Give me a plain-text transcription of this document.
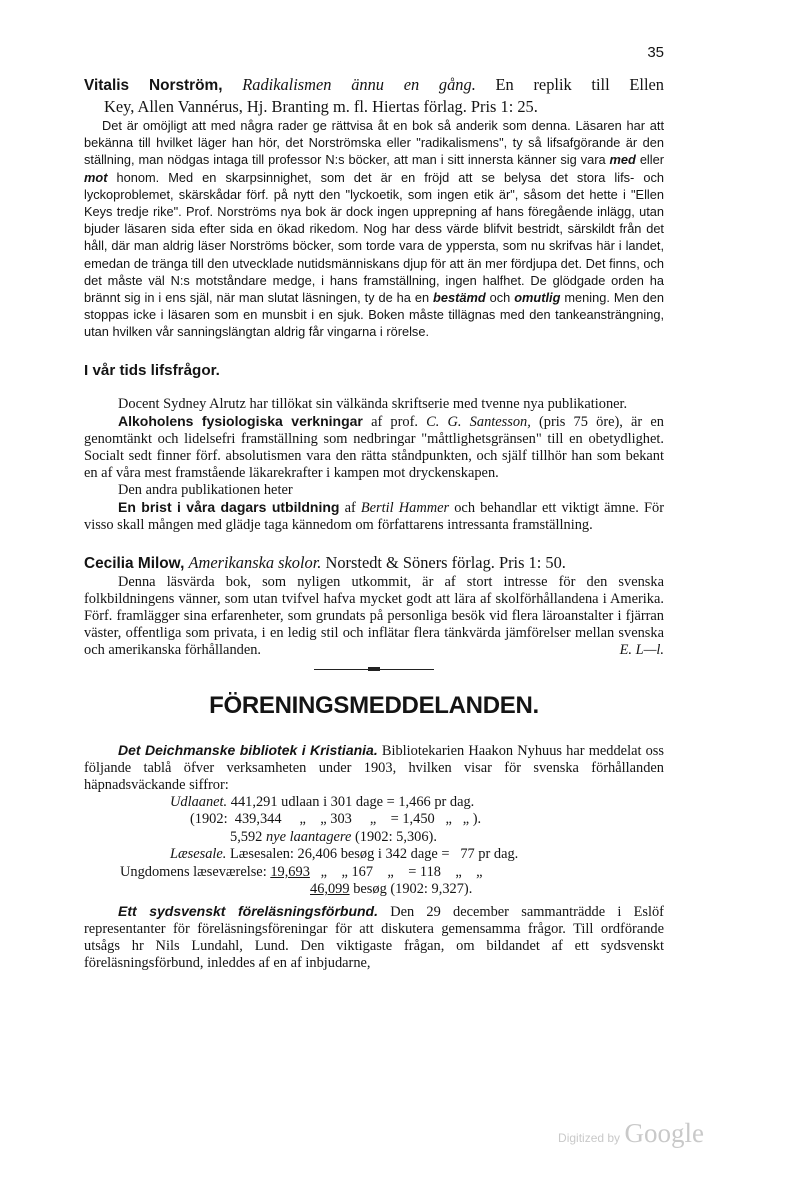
35

Vitalis Norström, Radikalismen ännu en gång. En replik till Ellen

Key, Allen Vannérus, Hj. Branting m. fl. Hiertas förlag. Pris 1: 25.

Det är omöjligt att med några rader ge rättvisa åt en bok så anderik som denna. Läsaren har att bekänna till hvilket läger han hör, det Norströmska eller "radikalismens", ty så lifsafgörande är den ställning, man nödgas intaga till professor N:s böcker, att man i sitt innersta känner sig vara med eller mot honom. Med en skarpsinnighet, som det är en fröjd att se belysa det stora lifs- och lyckoproblemet, skärskådar förf. på nytt den "lyckoetik, som ingen etik är", såsom det hette i "Ellen Keys tredje rike". Prof. Norströms nya bok är dock ingen upprepning af hans föregående inlägg, utan bjuder läsaren sida efter sida en ökad rikedom. Nog har dess värde blifvit bestridt, särskildt från det håll, där man aldrig läser Norströms böcker, som torde vara de yppersta, som nu skrifvas här i landet, emedan de tränga till den utvecklade nutidsmänniskans djup för att än mer fördjupa det. Det finns, och det måste väl N:s motståndare medge, i hans framställning, ingen halfhet. De glödgade orden ha brännt sig in i ens själ, när man slutat läsningen, ty de ha en bestämd och omutlig mening. Men den stoppas icke i läsaren som en munsbit i en sjuk. Boken måste tillägnas med den tankeansträngning, utan hvilken vår sanningslängtan aldrig får vingarna i rörelse.

I vår tids lifsfrågor.

Docent Sydney Alrutz har tillökat sin välkända skriftserie med tvenne nya publikationer.

Alkoholens fysiologiska verkningar af prof. C. G. Santesson, (pris 75 öre), är en genomtänkt och lidelsefri framställning som nedbringar "måttlighetsgränsen" till en obetydlighet. Socialt sedt finner förf. absolutismen vara den rätta ståndpunkten, och själf tillhör han som bekant en af våra mest framstående läkarekrafter i kampen mot dryckenskapen.

Den andra publikationen heter

En brist i våra dagars utbildning af Bertil Hammer och behandlar ett viktigt ämne. För visso skall mången med glädje taga kännedom om författarens intressanta framställning.

Cecilia Milow, Amerikanska skolor. Norstedt & Söners förlag. Pris 1: 50.

Denna läsvärda bok, som nyligen utkommit, är af stort intresse för den svenska folkbildningens vänner, som utan tvifvel hafva mycket godt att lära af skolförhållandena i Amerika. Förf. framlägger sina erfarenheter, som grundats på personliga besök vid flera läroanstalter i fjärran väster, offentliga som privata, i en ledig stil och inflätar flera tänkvärda jämförelser mellan svenska och amerikanska förhållanden.	E. L—l.

FÖRENINGSMEDDELANDEN.

Det Deichmanske bibliotek i Kristiania. Bibliotekarien Haakon Nyhuus har meddelat oss följande tablå öfver verksamheten under 1903, hvilken visar för svenska förhållanden häpnadsväckande siffror:

Udlaanet. 441,291 udlaan i 301 dage = 1,466 pr dag.
(1902:  439,344     „    „ 303     „    = 1,450   „   „ ).
5,592 nye laantagere (1902: 5,306).
Læsesale. Læsesalen: 26,406 besøg i 342 dage =   77 pr dag.
Ungdomens læseværelse: 19,693   „    „ 167    „    = 118    „    „
46,099 besøg (1902: 9,327).

Ett sydsvenskt föreläsningsförbund. Den 29 december sammanträdde i Eslöf representanter för föreläsningsföreningar för att diskutera gemensamma frågor. Till ordförande utsågs hr Nils Lundahl, Lund. Den viktigaste frågan, om bildandet af ett sydsvenskt föreläsningsförbund, inleddes af en af inbjudarne,

Digitized by Google
